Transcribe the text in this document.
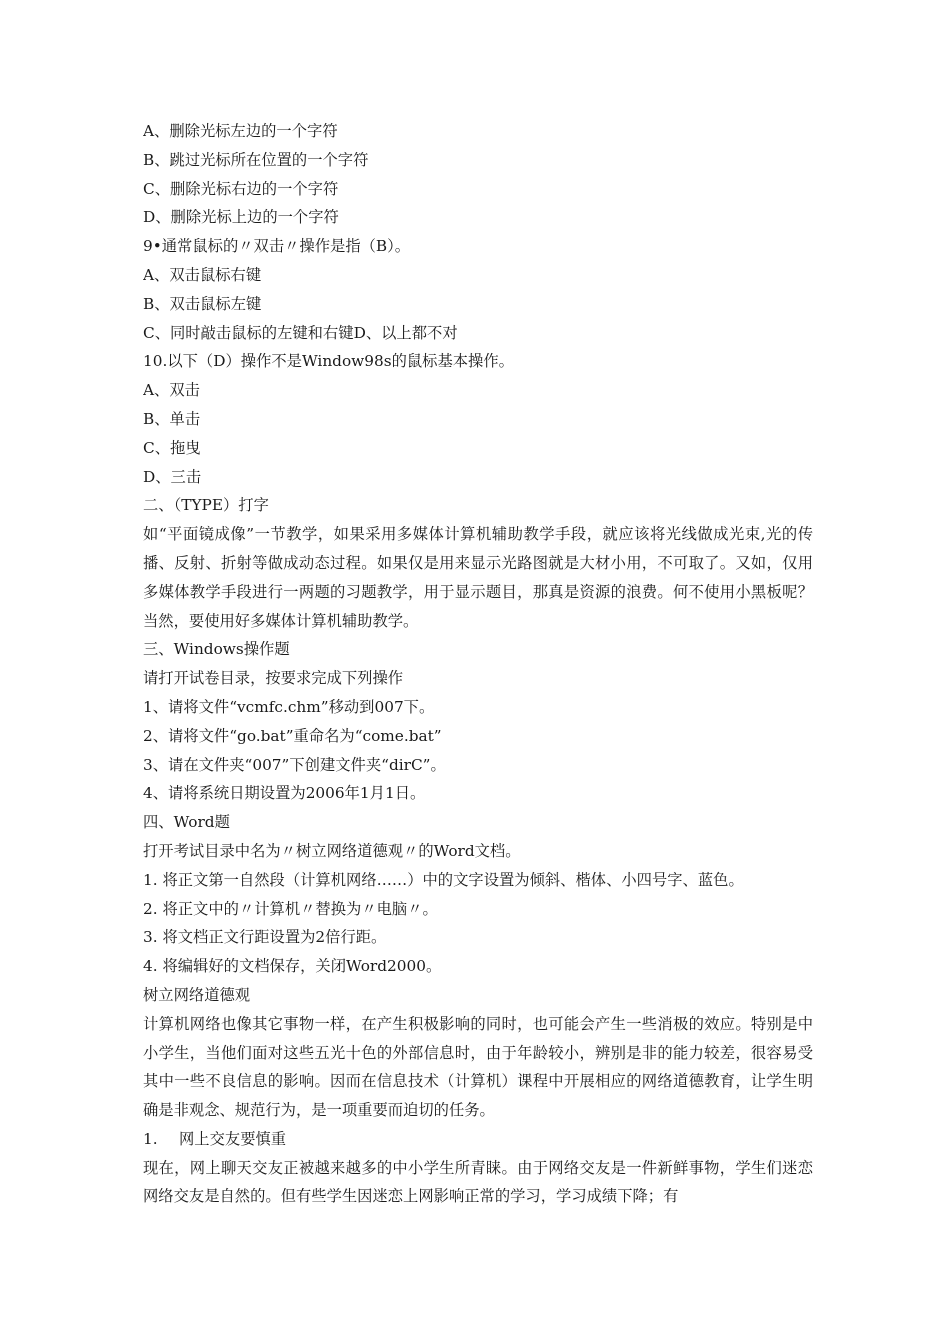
A、删除光标左边的一个字符
B、跳过光标所在位置的一个字符
C、删除光标右边的一个字符
D、删除光标上边的一个字符
9•通常鼠标的〃双击〃操作是指（B）。
A、双击鼠标右键
B、双击鼠标左键
C、同时敲击鼠标的左键和右键D、以上都不对
10.以下（D）操作不是Window98s的鼠标基本操作。
A、双击
B、单击
C、拖曳
D、三击
二、（TYPE）打字
如“平面镜成像”一节教学，如果采用多媒体计算机辅助教学手段，就应该将光线做成光束,光的传播、反射、折射等做成动态过程。如果仅是用来显示光路图就是大材小用，不可取了。又如，仅用多媒体教学手段进行一两题的习题教学，用于显示题目，那真是资源的浪费。何不使用小黑板呢？当然，要使用好多媒体计算机辅助教学。
三、Windows操作题
请打开试卷目录，按要求完成下列操作
1、请将文件“vcmfc.chm”移动到007下。
2、请将文件“go.bat”重命名为“come.bat”
3、请在文件夹“007”下创建文件夹“dirC”。
4、请将系统日期设置为2006年1月1日。
四、Word题
打开考试目录中名为〃树立网络道德观〃的Word文档。
1. 将正文第一自然段（计算机网络……）中的文字设置为倾斜、楷体、小四号字、蓝色。
2. 将正文中的〃计算机〃替换为〃电脑〃。
3. 将文档正文行距设置为2倍行距。
4. 将编辑好的文档保存，关闭Word2000。
树立网络道德观
计算机网络也像其它事物一样，在产生积极影响的同时，也可能会产生一些消极的效应。特别是中小学生，当他们面对这些五光十色的外部信息时，由于年龄较小，辨别是非的能力较差，很容易受其中一些不良信息的影响。因而在信息技术（计算机）课程中开展相应的网络道德教育，让学生明确是非观念、规范行为，是一项重要而迫切的任务。
1. 网上交友要慎重
现在，网上聊天交友正被越来越多的中小学生所青睐。由于网络交友是一件新鲜事物，学生们迷恋网络交友是自然的。但有些学生因迷恋上网影响正常的学习，学习成绩下降；有
